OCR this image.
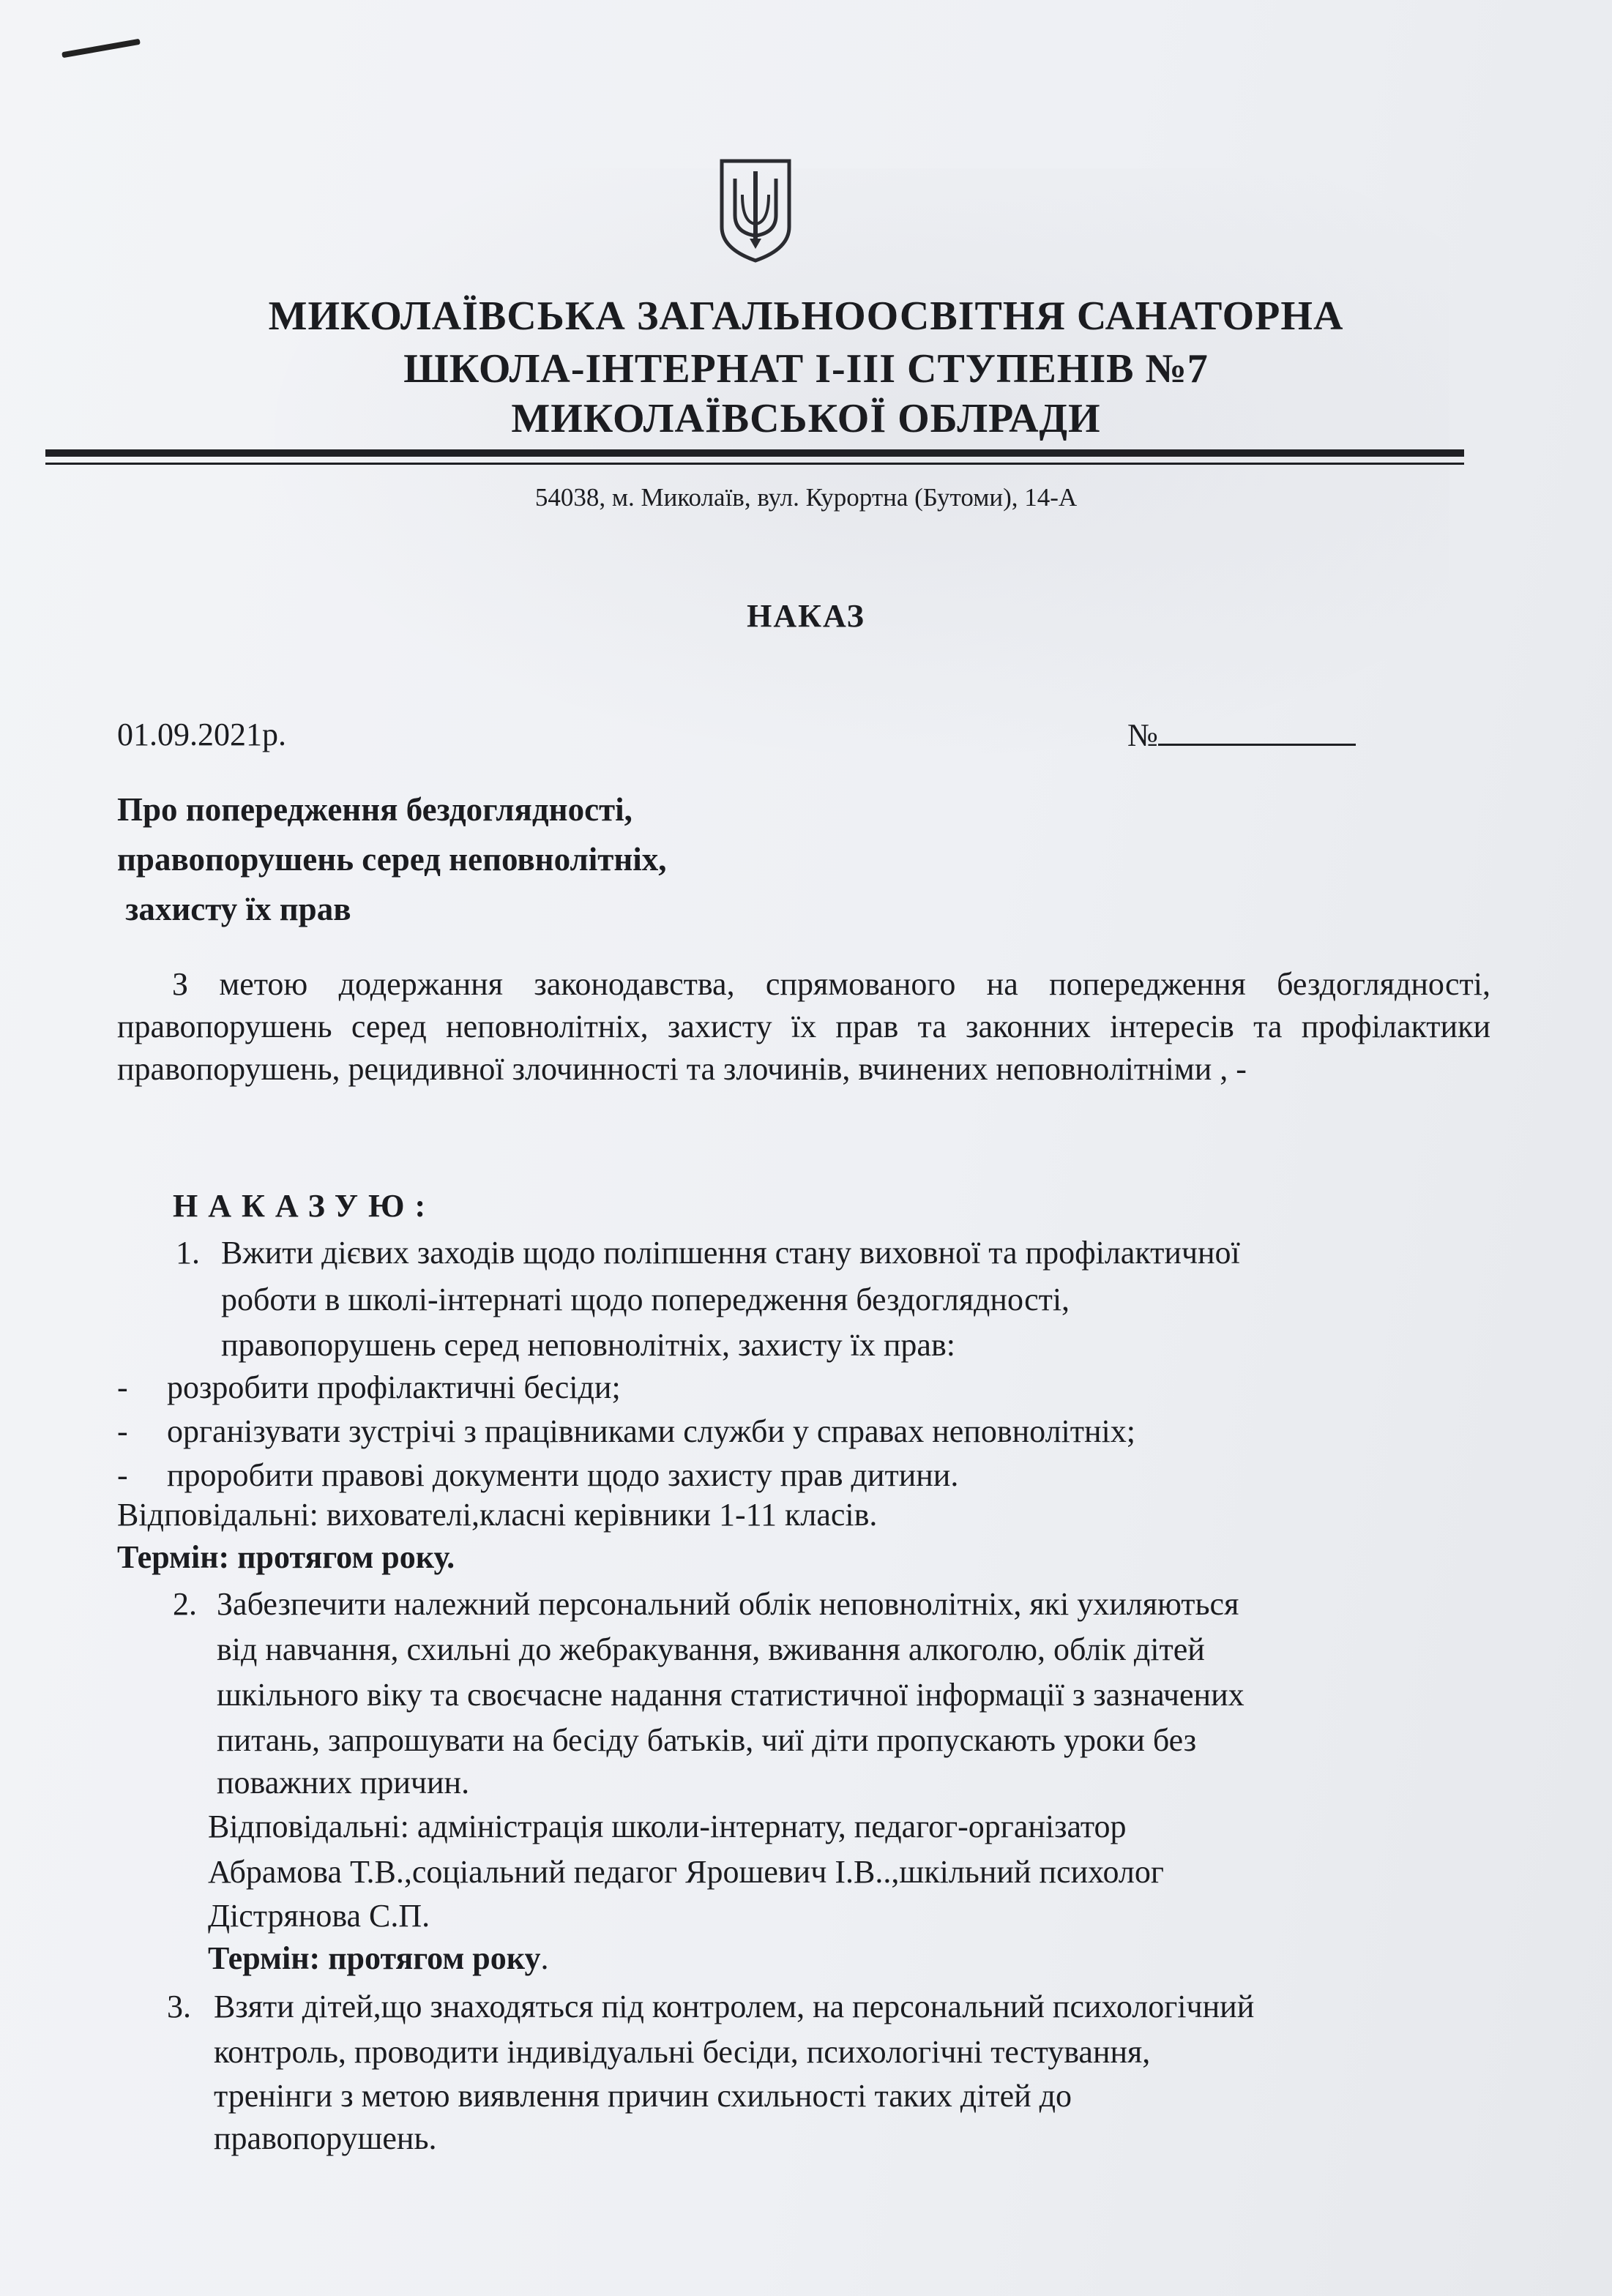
МИКОЛАЇВСЬКА ЗАГАЛЬНООСВІТНЯ САНАТОРНА
ШКОЛА-ІНТЕРНАТ І-ІІІ СТУПЕНІВ №7
МИКОЛАЇВСЬКОЇ ОБЛРАДИ
54038, м. Миколаїв, вул. Курортна (Бутоми), 14-А
НАКАЗ
01.09.2021р.	№
Про попередження бездоглядності,
правопорушень серед неповнолітніх,
захисту їх прав
З метою додержання законодавства, спрямованого на попередження бездоглядності, правопорушень серед неповнолітніх, захисту їх прав та законних інтересів та профілактики правопорушень, рецидивної злочинності та злочинів, вчинених неповнолітніми , -
НАКАЗУЮ:
1. Вжити дієвих заходів щодо поліпшення стану виховної та профілактичної
роботи в школі-інтернаті щодо попередження бездоглядності,
правопорушень серед неповнолітніх, захисту їх прав:
- розробити профілактичні бесіди;
- організувати зустрічі з працівниками служби у справах неповнолітніх;
- проробити правові документи щодо захисту прав дитини.
Відповідальні: вихователі,класні керівники 1-11 класів.
Термін: протягом року.
2. Забезпечити належний персональний облік неповнолітніх, які ухиляються
від навчання, схильні до жебракування, вживання алкоголю, облік дітей
шкільного віку та своєчасне надання статистичної інформації з зазначених
питань, запрошувати на бесіду батьків, чиї діти пропускають уроки без
поважних причин.
Відповідальні: адміністрація школи-інтернату, педагог-організатор
Абрамова Т.В.,соціальний педагог Ярошевич І.В..,шкільний психолог
Дістрянова С.П.
Термін: протягом року.
3. Взяти дітей,що знаходяться під контролем, на персональний психологічний
контроль, проводити індивідуальні бесіди, психологічні тестування,
тренінги з метою виявлення причин схильності таких дітей до
правопорушень.
